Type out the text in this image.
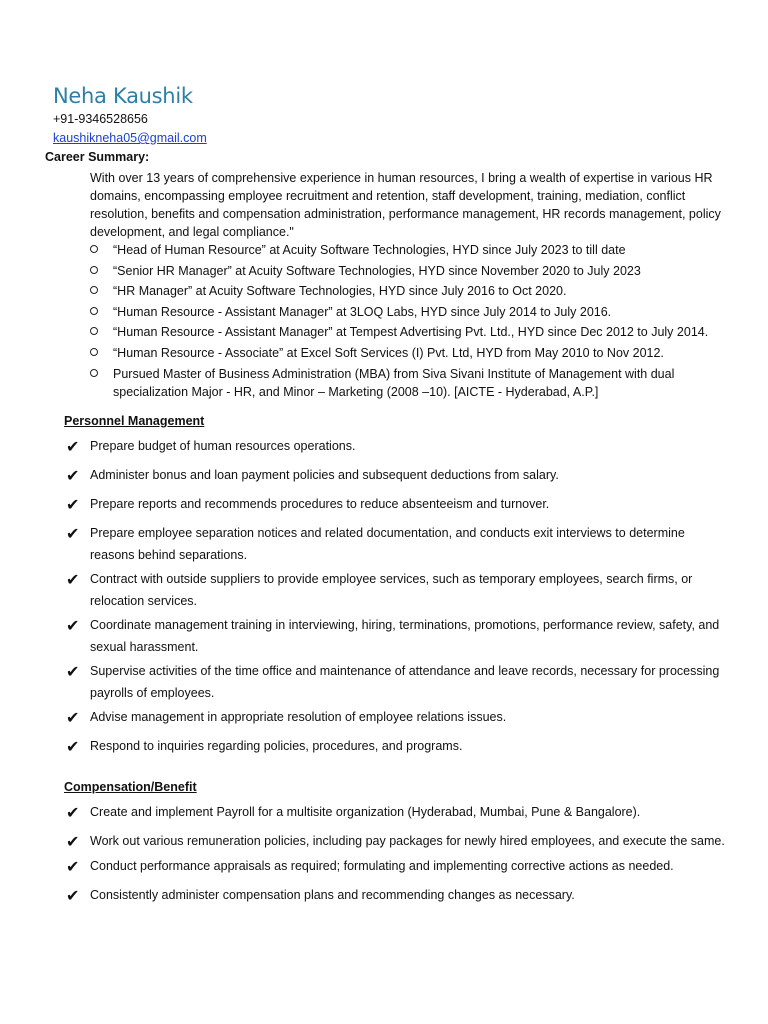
Neha Kaushik
+91-9346528656
kaushikneha05@gmail.com
Career Summary:
With over 13 years of comprehensive experience in human resources, I bring a wealth of expertise in various HR domains, encompassing employee recruitment and retention, staff development, training, mediation, conflict resolution, benefits and compensation administration, performance management, HR records management, policy development, and legal compliance."
“Head of Human Resource” at Acuity Software Technologies, HYD since July 2023 to till date
“Senior HR Manager” at Acuity Software Technologies, HYD since November 2020 to July 2023
“HR Manager” at Acuity Software Technologies, HYD since July 2016 to Oct 2020.
“Human Resource - Assistant Manager” at 3LOQ Labs, HYD since July 2014 to July 2016.
“Human Resource - Assistant Manager” at Tempest Advertising Pvt. Ltd., HYD since Dec 2012 to July 2014.
“Human Resource - Associate” at Excel Soft Services (I) Pvt. Ltd, HYD from May 2010 to Nov 2012.
Pursued Master of Business Administration (MBA) from Siva Sivani Institute of Management with dual specialization Major - HR, and Minor – Marketing (2008 –10). [AICTE - Hyderabad, A.P.]
Personnel Management
✔ Prepare budget of human resources operations.
✔ Administer bonus and loan payment policies and subsequent deductions from salary.
✔ Prepare reports and recommends procedures to reduce absenteeism and turnover.
✔ Prepare employee separation notices and related documentation, and conducts exit interviews to determine reasons behind separations.
✔ Contract with outside suppliers to provide employee services, such as temporary employees, search firms, or relocation services.
✔ Coordinate management training in interviewing, hiring, terminations, promotions, performance review, safety, and sexual harassment.
✔ Supervise activities of the time office and maintenance of attendance and leave records, necessary for processing payrolls of employees.
✔ Advise management in appropriate resolution of employee relations issues.
✔ Respond to inquiries regarding policies, procedures, and programs.
Compensation/Benefit
✔ Create and implement Payroll for a multisite organization (Hyderabad, Mumbai, Pune & Bangalore).
✔ Work out various remuneration policies, including pay packages for newly hired employees, and execute the same.
✔ Conduct performance appraisals as required; formulating and implementing corrective actions as needed.
✔ Consistently administer compensation plans and recommending changes as necessary.
